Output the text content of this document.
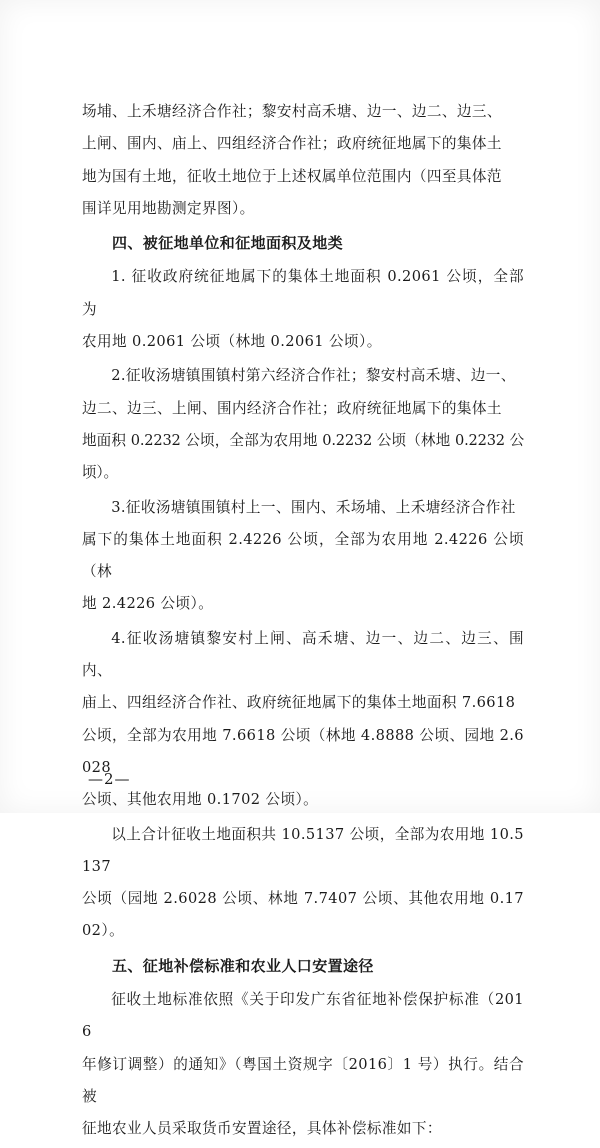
场埔、上禾塘经济合作社；黎安村高禾塘、边一、边二、边三、
上闸、围内、庙上、四组经济合作社；政府统征地属下的集体土
地为国有土地，征收土地位于上述权属单位范围内（四至具体范
围详见用地勘测定界图）。

四、被征地单位和征地面积及地类

1. 征收政府统征地属下的集体土地面积 0.2061 公顷，全部为
农用地 0.2061 公顷（林地 0.2061 公顷）。

2.征收汤塘镇围镇村第六经济合作社；黎安村高禾塘、边一、
边二、边三、上闸、围内经济合作社；政府统征地属下的集体土
地面积 0.2232 公顷，全部为农用地 0.2232 公顷（林地 0.2232 公顷）。

3.征收汤塘镇围镇村上一、围内、禾场埔、上禾塘经济合作社
属下的集体土地面积 2.4226 公顷，全部为农用地 2.4226 公顷（林
地 2.4226 公顷）。

4.征收汤塘镇黎安村上闸、高禾塘、边一、边二、边三、围内、
庙上、四组经济合作社、政府统征地属下的集体土地面积 7.6618
公顷，全部为农用地 7.6618 公顷（林地 4.8888 公顷、园地 2.6028
公顷、其他农用地 0.1702 公顷）。

以上合计征收土地面积共 10.5137 公顷，全部为农用地 10.5137
公顷（园地 2.6028 公顷、林地 7.7407 公顷、其他农用地 0.1702）。

五、征地补偿标准和农业人口安置途径

征收土地标准依照《关于印发广东省征地补偿保护标准（2016
年修订调整）的通知》（粤国土资规字〔2016〕1 号）执行。结合被
征地农业人员采取货币安置途径，具体补偿标准如下：

—2—
